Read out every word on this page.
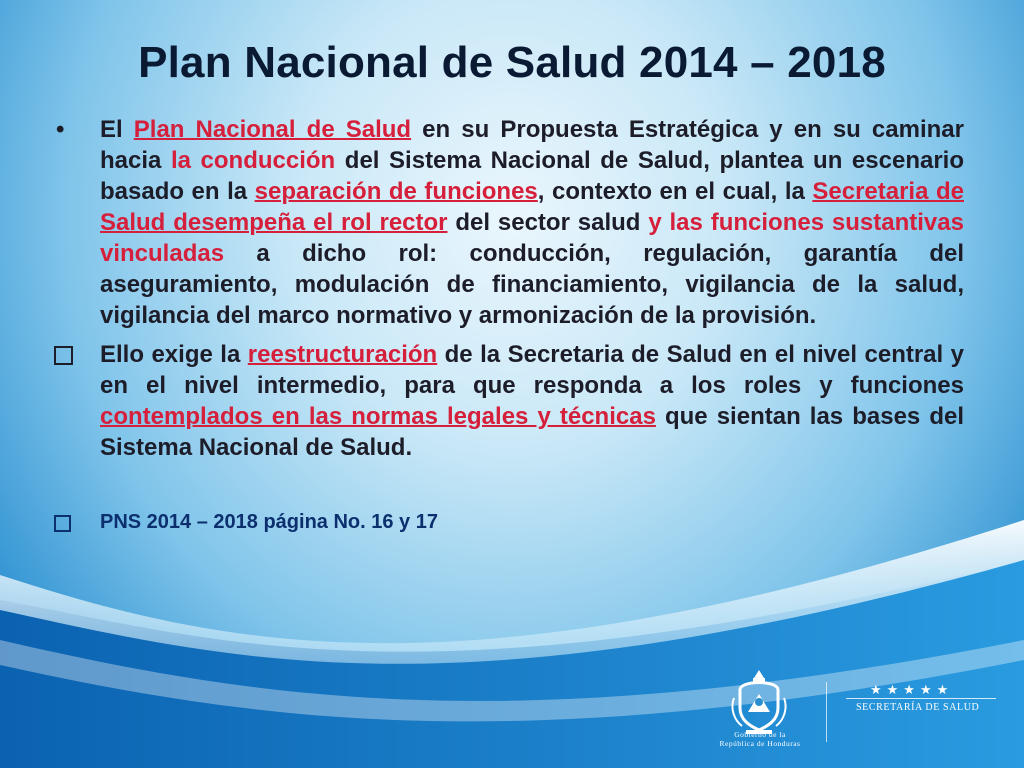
Plan Nacional de Salud 2014 – 2018
•	El Plan Nacional de Salud en su Propuesta Estratégica y en su caminar hacia la conducción del Sistema Nacional de Salud, plantea un escenario basado en la separación de funciones, contexto en el cual, la Secretaria de Salud desempeña el rol rector del sector salud y las funciones sustantivas vinculadas a dicho rol: conducción, regulación, garantía del aseguramiento, modulación de financiamiento, vigilancia de la salud, vigilancia del marco normativo y armonización de la provisión.
Ello exige la reestructuración de la Secretaria de Salud en el nivel central y en el nivel intermedio, para que responda a los roles y funciones contemplados en las normas legales y técnicas que sientan las bases del Sistema Nacional de Salud.
PNS 2014 – 2018 página No. 16 y 17
Gobierno de la
República de Honduras
★★★★★
SECRETARÍA DE SALUD
